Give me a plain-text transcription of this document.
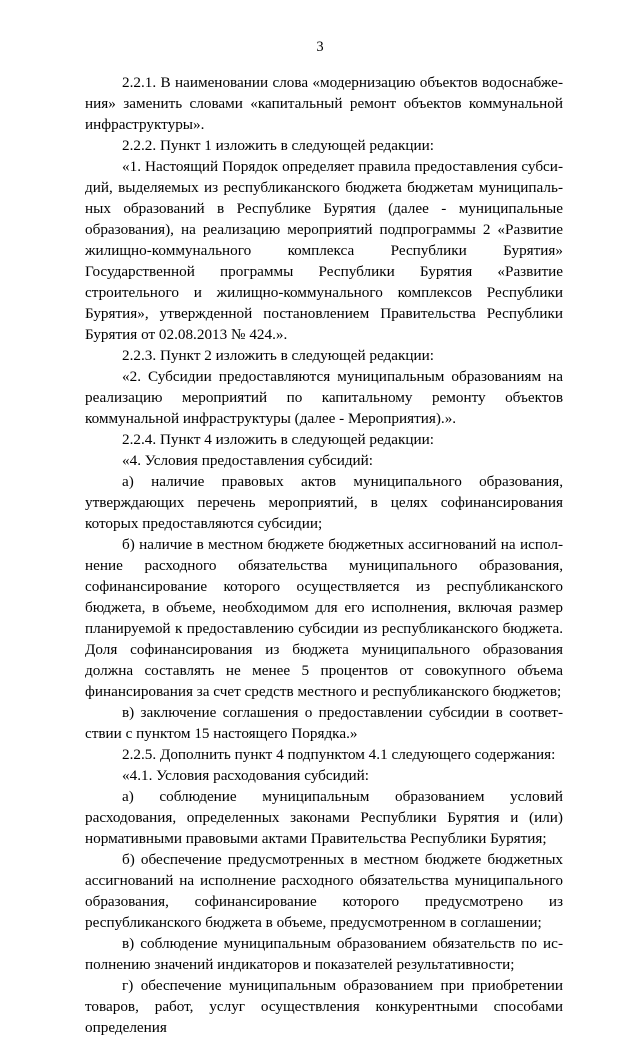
3

2.2.1. В наименовании слова «модернизацию объектов водоснабжения» заменить словами «капитальный ремонт объектов коммунальной инфраструктуры».

2.2.2. Пункт 1 изложить в следующей редакции:

«1. Настоящий Порядок определяет правила предоставления субсидий, выделяемых из республиканского бюджета бюджетам муниципальных образований в Республике Бурятия (далее - муниципальные образования), на реализацию мероприятий подпрограммы 2 «Развитие жилищно-коммунального комплекса Республики Бурятия» Государственной программы Республики Бурятия «Развитие строительного и жилищно-коммунального комплексов Республики Бурятия», утвержденной постановлением Правительства Республики Бурятия от 02.08.2013 № 424.».

2.2.3. Пункт 2 изложить в следующей редакции:

«2. Субсидии предоставляются муниципальным образованиям на реализацию мероприятий по капитальному ремонту объектов коммунальной инфраструктуры (далее - Мероприятия).».

2.2.4. Пункт 4 изложить в следующей редакции:

«4. Условия предоставления субсидий:

а) наличие правовых актов муниципального образования, утверждающих перечень мероприятий, в целях софинансирования которых предоставляются субсидии;

б) наличие в местном бюджете бюджетных ассигнований на исполнение расходного обязательства муниципального образования, софинансирование которого осуществляется из республиканского бюджета, в объеме, необходимом для его исполнения, включая размер планируемой к предоставлению субсидии из республиканского бюджета. Доля софинансирования из бюджета муниципального образования должна составлять не менее 5 процентов от совокупного объема финансирования за счет средств местного и республиканского бюджетов;

в) заключение соглашения о предоставлении субсидии в соответствии с пунктом 15 настоящего Порядка.»

2.2.5. Дополнить пункт 4 подпунктом 4.1 следующего содержания:

«4.1. Условия расходования субсидий:

а) соблюдение муниципальным образованием условий расходования, определенных законами Республики Бурятия и (или) нормативными правовыми актами Правительства Республики Бурятия;

б) обеспечение предусмотренных в местном бюджете бюджетных ассигнований на исполнение расходного обязательства муниципального образования, софинансирование которого предусмотрено из республиканского бюджета в объеме, предусмотренном в соглашении;

в) соблюдение муниципальным образованием обязательств по исполнению значений индикаторов и показателей результативности;

г) обеспечение муниципальным образованием при приобретении товаров, работ, услуг осуществления конкурентными способами определения
